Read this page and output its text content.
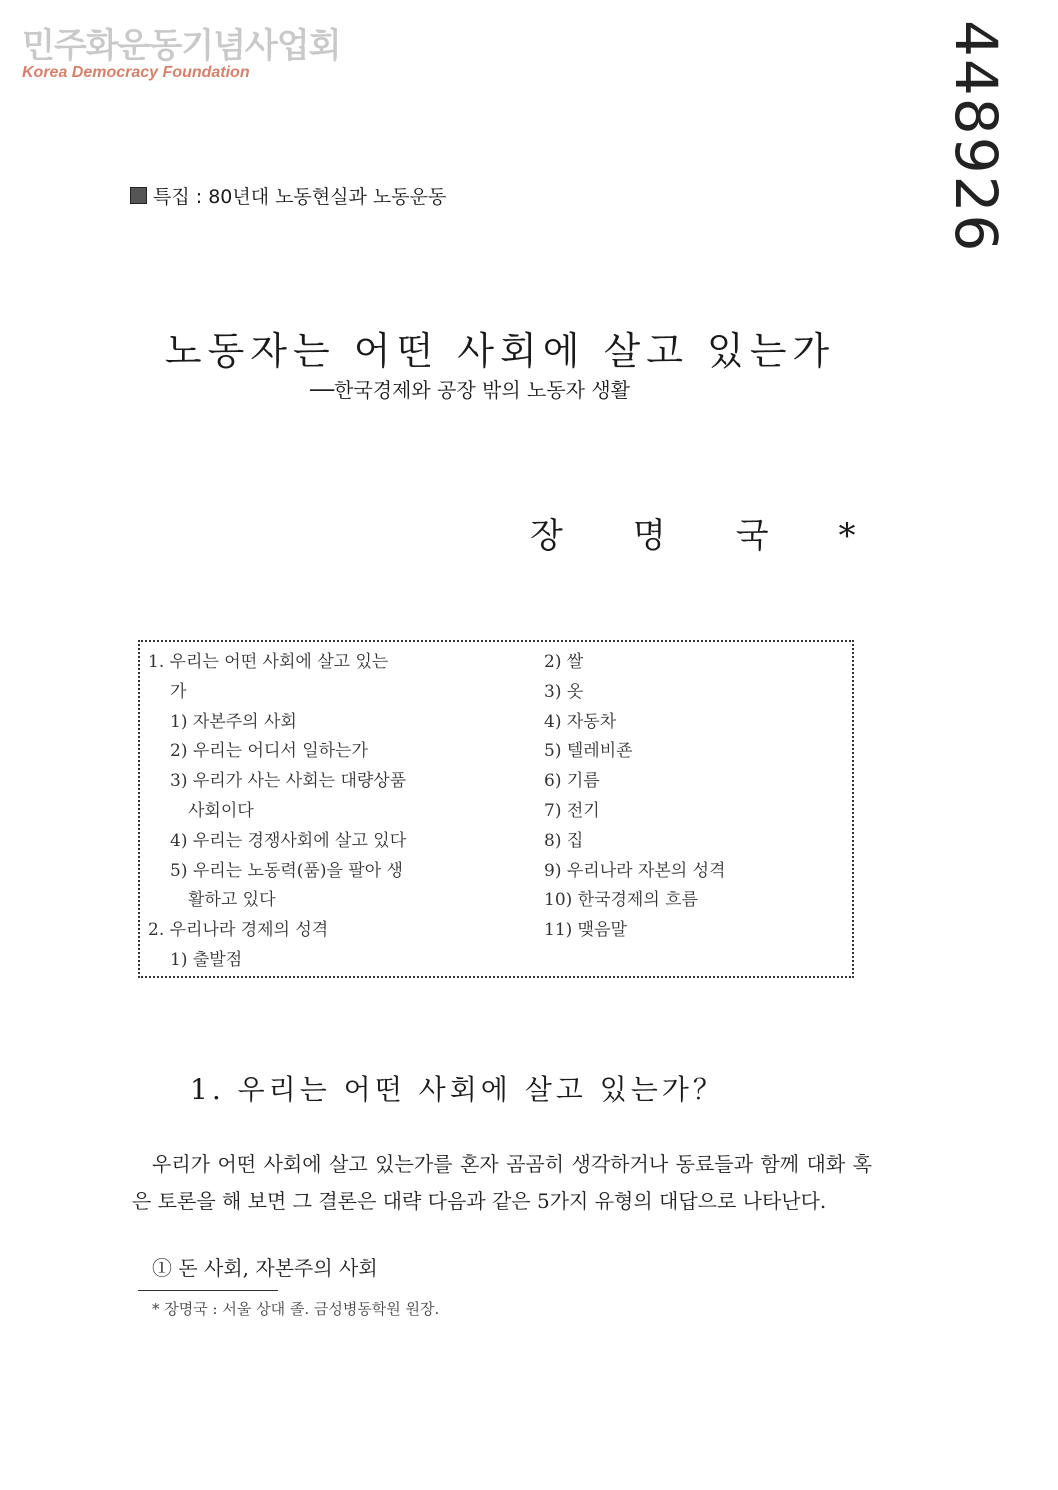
민주화운동기념사업회
Korea Democracy Foundation	448926
특집 : 80년대 노동현실과 노동운동
노동자는 어떤 사회에 살고 있는가
──한국경제와 공장 밖의 노동자 생활
장명국*
1. 우리는 어떤 사회에 살고 있는
가
1) 자본주의 사회
2) 우리는 어디서 일하는가
3) 우리가 사는 사회는 대량상품
사회이다
4) 우리는 경쟁사회에 살고 있다
5) 우리는 노동력(품)을 팔아 생
활하고 있다
2. 우리나라 경제의 성격
1) 출발점
2) 쌀
3) 옷
4) 자동차
5) 텔레비죤
6) 기름
7) 전기
8) 집
9) 우리나라 자본의 성격
10) 한국경제의 흐름
11) 맺음말
1. 우리는 어떤 사회에 살고 있는가？

우리가 어떤 사회에 살고 있는가를 혼자 곰곰히 생각하거나 동료들과 함께 대화 혹은 토론을 해 보면 그 결론은 대략 다음과 같은 5가지 유형의 대답으로 나타난다.

① 돈 사회, 자본주의 사회
* 장명국 : 서울 상대 졸. 금성병동학원 원장.
